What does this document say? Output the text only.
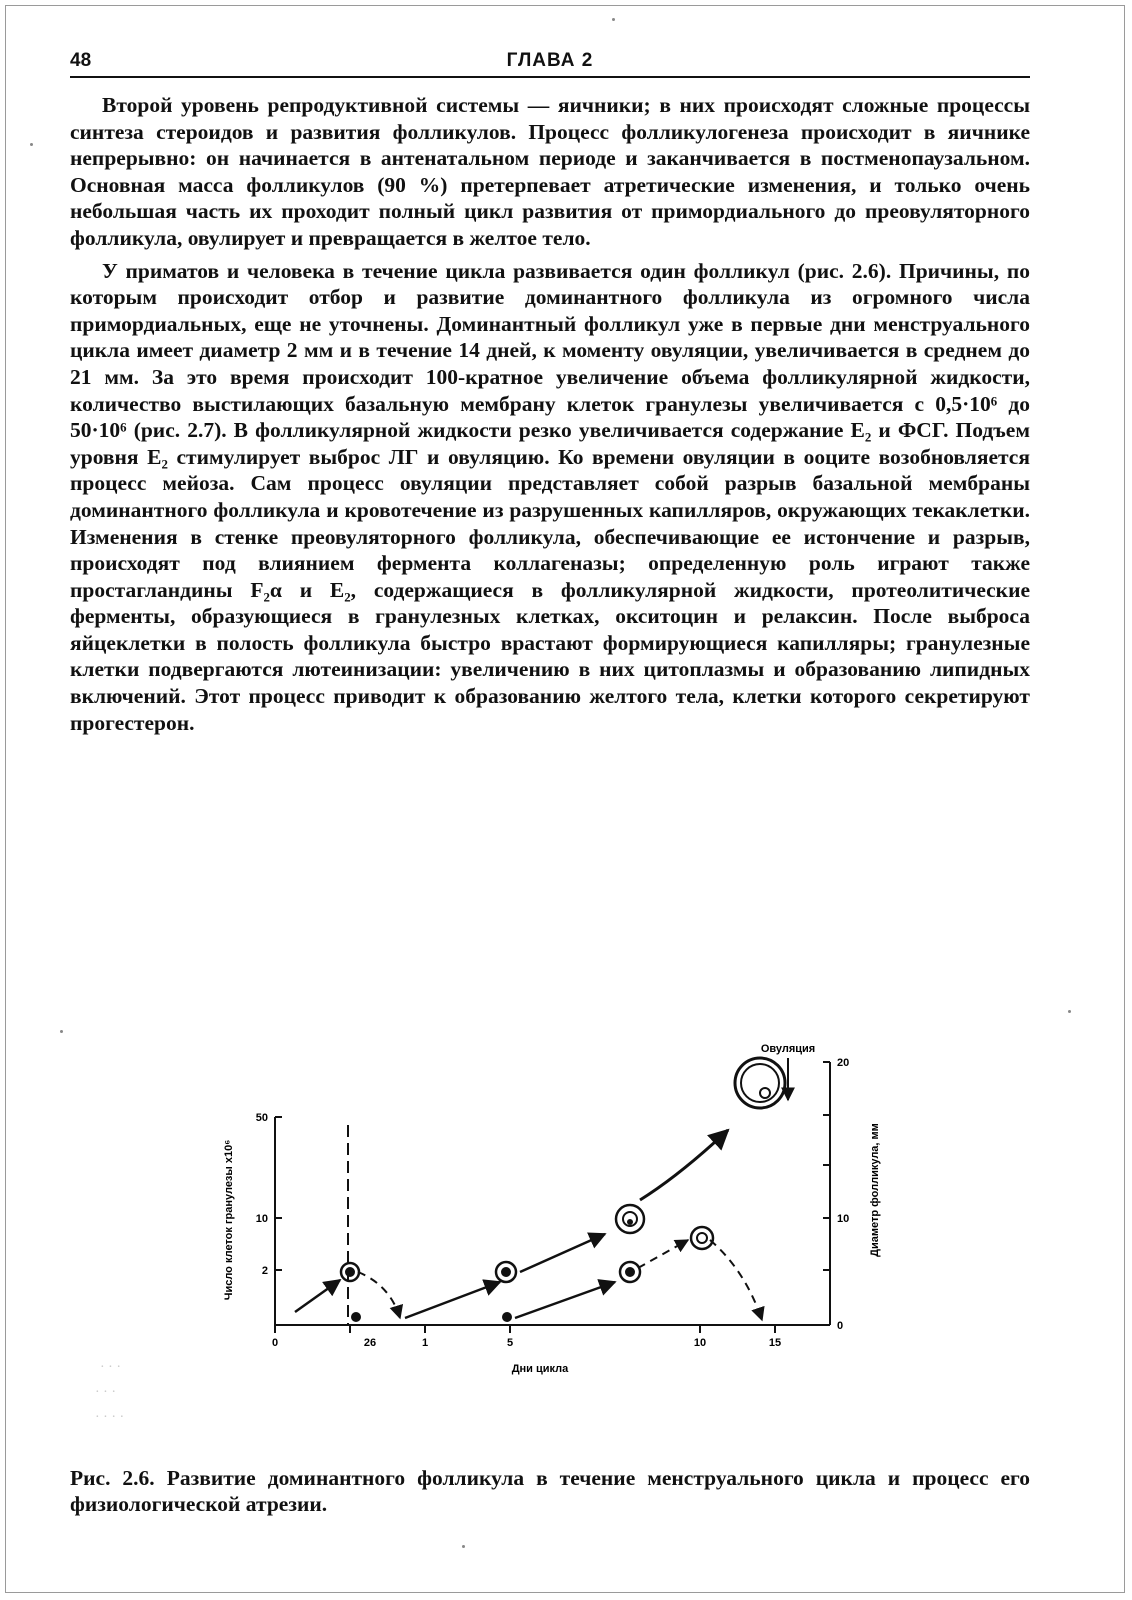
48	ГЛАВА 2

Второй уровень репродуктивной системы — яичники; в них происходят сложные процессы синтеза стероидов и развития фолликулов. Процесс фолликулогенеза происходит в яичнике непрерывно: он начинается в антенатальном периоде и заканчивается в постменопаузальном. Основная масса фолликулов (90 %) претерпевает атретические изменения, и только очень небольшая часть их проходит полный цикл развития от примордиального до преовуляторного фолликула, овулирует и превращается в желтое тело.

У приматов и человека в течение цикла развивается один фолликул (рис. 2.6). Причины, по которым происходит отбор и развитие доминантного фолликула из огромного числа примордиальных, еще не уточнены. Доминантный фолликул уже в первые дни менструального цикла имеет диаметр 2 мм и в течение 14 дней, к моменту овуляции, увеличивается в среднем до 21 мм. За это время происходит 100-кратное увеличение объема фолликулярной жидкости, количество выстилающих базальную мембрану клеток гранулезы увеличивается с 0,5·10⁶ до 50·10⁶ (рис. 2.7). В фолликулярной жидкости резко увеличивается содержание E₂ и ФСГ. Подъем уровня E₂ стимулирует выброс ЛГ и овуляцию. Ко времени овуляции в ооците возобновляется процесс мейоза. Сам процесс овуляции представляет собой разрыв базальной мембраны доминантного фолликула и кровотечение из разрушенных капилляров, окружающих текаклетки. Изменения в стенке преовуляторного фолликула, обеспечивающие ее истончение и разрыв, происходят под влиянием фермента коллагеназы; определенную роль играют также простагландины F₂α и E₂, содержащиеся в фолликулярной жидкости, протеолитические ферменты, образующиеся в гранулезных клетках, окситоцин и релаксин. После выброса яйцеклетки в полость фолликула быстро врастают формирующиеся капилляры; гранулезные клетки подвергаются лютеинизации: увеличению в них цитоплазмы и образованию липидных включений. Этот процесс приводит к образованию желтого тела, клетки которого секретируют прогестерон.

Овуляция
50
10
2
20
10
0
0	26	1	5	10	15
Число клеток гранулезы x10⁶	Диаметр фолликула, мм
Дни цикла
· · ·
· · ·
· · · ·
Рис. 2.6. Развитие доминантного фолликула в течение менструального цикла и процесс его физиологической атрезии.
